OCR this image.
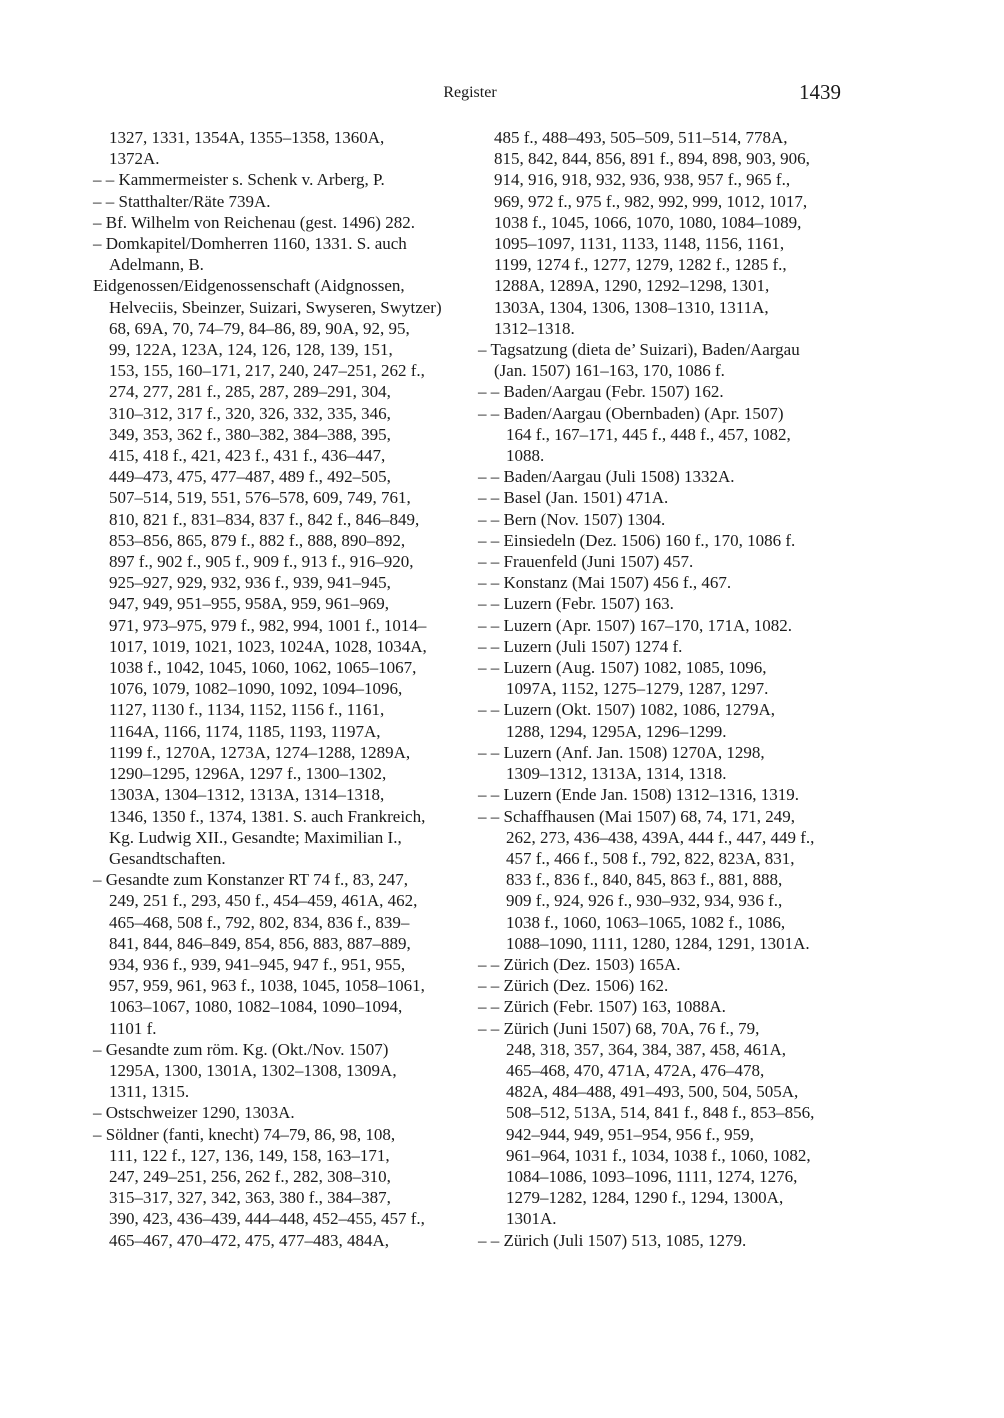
Register	1439
1327, 1331, 1354A, 1355–1358, 1360A,
1372A.
– – Kammermeister s. Schenk v. Arberg, P.
– – Statthalter/Räte 739A.
– Bf. Wilhelm von Reichenau (gest. 1496) 282.
– Domkapitel/Domherren 1160, 1331. S. auch
Adelmann, B.
Eidgenossen/Eidgenossenschaft (Aidgnossen,
Helveciis, Sbeinzer, Suizari, Swyseren, Swytzer)
68, 69A, 70, 74–79, 84–86, 89, 90A, 92, 95,
99, 122A, 123A, 124, 126, 128, 139, 151,
153, 155, 160–171, 217, 240, 247–251, 262 f.,
274, 277, 281 f., 285, 287, 289–291, 304,
310–312, 317 f., 320, 326, 332, 335, 346,
349, 353, 362 f., 380–382, 384–388, 395,
415, 418 f., 421, 423 f., 431 f., 436–447,
449–473, 475, 477–487, 489 f., 492–505,
507–514, 519, 551, 576–578, 609, 749, 761,
810, 821 f., 831–834, 837 f., 842 f., 846–849,
853–856, 865, 879 f., 882 f., 888, 890–892,
897 f., 902 f., 905 f., 909 f., 913 f., 916–920,
925–927, 929, 932, 936 f., 939, 941–945,
947, 949, 951–955, 958A, 959, 961–969,
971, 973–975, 979 f., 982, 994, 1001 f., 1014–
1017, 1019, 1021, 1023, 1024A, 1028, 1034A,
1038 f., 1042, 1045, 1060, 1062, 1065–1067,
1076, 1079, 1082–1090, 1092, 1094–1096,
1127, 1130 f., 1134, 1152, 1156 f., 1161,
1164A, 1166, 1174, 1185, 1193, 1197A,
1199 f., 1270A, 1273A, 1274–1288, 1289A,
1290–1295, 1296A, 1297 f., 1300–1302,
1303A, 1304–1312, 1313A, 1314–1318,
1346, 1350 f., 1374, 1381. S. auch Frankreich,
Kg. Ludwig XII., Gesandte; Maximilian I.,
Gesandtschaften.
– Gesandte zum Konstanzer RT 74 f., 83, 247,
249, 251 f., 293, 450 f., 454–459, 461A, 462,
465–468, 508 f., 792, 802, 834, 836 f., 839–
841, 844, 846–849, 854, 856, 883, 887–889,
934, 936 f., 939, 941–945, 947 f., 951, 955,
957, 959, 961, 963 f., 1038, 1045, 1058–1061,
1063–1067, 1080, 1082–1084, 1090–1094,
1101 f.
– Gesandte zum röm. Kg. (Okt./Nov. 1507)
1295A, 1300, 1301A, 1302–1308, 1309A,
1311, 1315.
– Ostschweizer 1290, 1303A.
– Söldner (fanti, knecht) 74–79, 86, 98, 108,
111, 122 f., 127, 136, 149, 158, 163–171,
247, 249–251, 256, 262 f., 282, 308–310,
315–317, 327, 342, 363, 380 f., 384–387,
390, 423, 436–439, 444–448, 452–455, 457 f.,
465–467, 470–472, 475, 477–483, 484A,
485 f., 488–493, 505–509, 511–514, 778A,
815, 842, 844, 856, 891 f., 894, 898, 903, 906,
914, 916, 918, 932, 936, 938, 957 f., 965 f.,
969, 972 f., 975 f., 982, 992, 999, 1012, 1017,
1038 f., 1045, 1066, 1070, 1080, 1084–1089,
1095–1097, 1131, 1133, 1148, 1156, 1161,
1199, 1274 f., 1277, 1279, 1282 f., 1285 f.,
1288A, 1289A, 1290, 1292–1298, 1301,
1303A, 1304, 1306, 1308–1310, 1311A,
1312–1318.
– Tagsatzung (dieta de’ Suizari), Baden/Aargau
(Jan. 1507) 161–163, 170, 1086 f.
– – Baden/Aargau (Febr. 1507) 162.
– – Baden/Aargau (Obernbaden) (Apr. 1507)
164 f., 167–171, 445 f., 448 f., 457, 1082,
1088.
– – Baden/Aargau (Juli 1508) 1332A.
– – Basel (Jan. 1501) 471A.
– – Bern (Nov. 1507) 1304.
– – Einsiedeln (Dez. 1506) 160 f., 170, 1086 f.
– – Frauenfeld (Juni 1507) 457.
– – Konstanz (Mai 1507) 456 f., 467.
– – Luzern (Febr. 1507) 163.
– – Luzern (Apr. 1507) 167–170, 171A, 1082.
– – Luzern (Juli 1507) 1274 f.
– – Luzern (Aug. 1507) 1082, 1085, 1096,
1097A, 1152, 1275–1279, 1287, 1297.
– – Luzern (Okt. 1507) 1082, 1086, 1279A,
1288, 1294, 1295A, 1296–1299.
– – Luzern (Anf. Jan. 1508) 1270A, 1298,
1309–1312, 1313A, 1314, 1318.
– – Luzern (Ende Jan. 1508) 1312–1316, 1319.
– – Schaffhausen (Mai 1507) 68, 74, 171, 249,
262, 273, 436–438, 439A, 444 f., 447, 449 f.,
457 f., 466 f., 508 f., 792, 822, 823A, 831,
833 f., 836 f., 840, 845, 863 f., 881, 888,
909 f., 924, 926 f., 930–932, 934, 936 f.,
1038 f., 1060, 1063–1065, 1082 f., 1086,
1088–1090, 1111, 1280, 1284, 1291, 1301A.
– – Zürich (Dez. 1503) 165A.
– – Zürich (Dez. 1506) 162.
– – Zürich (Febr. 1507) 163, 1088A.
– – Zürich (Juni 1507) 68, 70A, 76 f., 79,
248, 318, 357, 364, 384, 387, 458, 461A,
465–468, 470, 471A, 472A, 476–478,
482A, 484–488, 491–493, 500, 504, 505A,
508–512, 513A, 514, 841 f., 848 f., 853–856,
942–944, 949, 951–954, 956 f., 959,
961–964, 1031 f., 1034, 1038 f., 1060, 1082,
1084–1086, 1093–1096, 1111, 1274, 1276,
1279–1282, 1284, 1290 f., 1294, 1300A,
1301A.
– – Zürich (Juli 1507) 513, 1085, 1279.
